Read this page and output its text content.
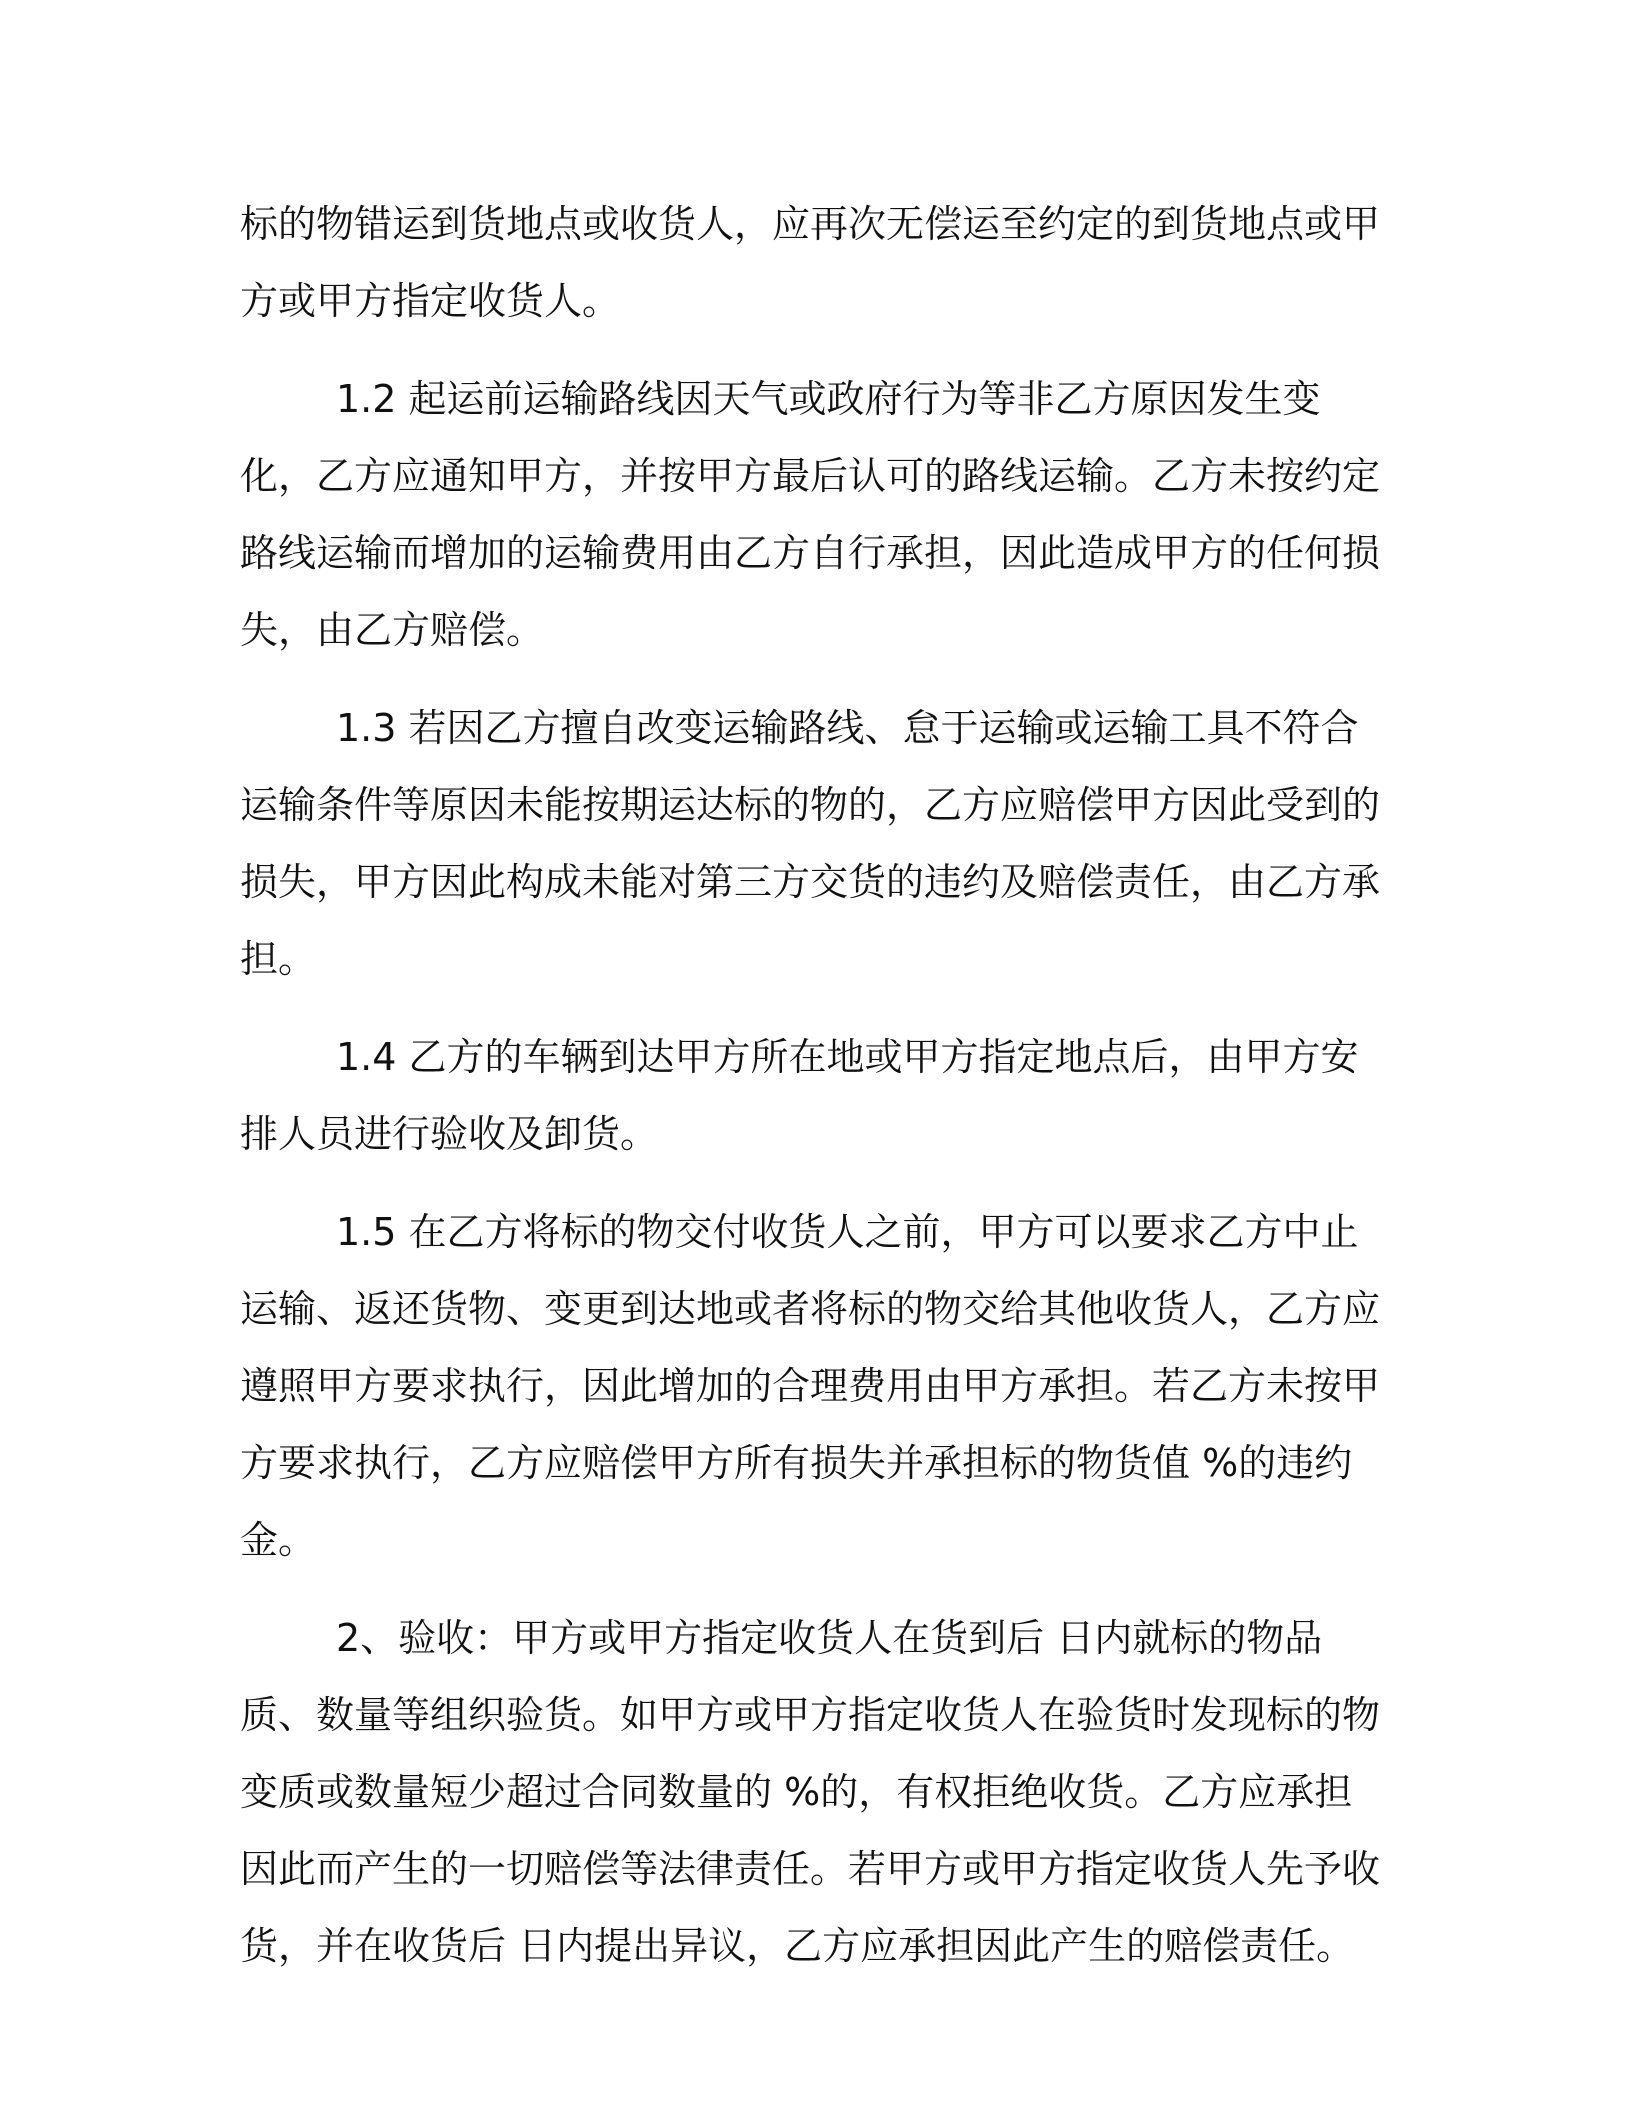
标的物错运到货地点或收货人，应再次无偿运至约定的到货地点或甲方或甲方指定收货人。

1.2 起运前运输路线因天气或政府行为等非乙方原因发生变化，乙方应通知甲方，并按甲方最后认可的路线运输。乙方未按约定路线运输而增加的运输费用由乙方自行承担，因此造成甲方的任何损失，由乙方赔偿。

1.3 若因乙方擅自改变运输路线、怠于运输或运输工具不符合运输条件等原因未能按期运达标的物的，乙方应赔偿甲方因此受到的损失，甲方因此构成未能对第三方交货的违约及赔偿责任，由乙方承担。

1.4 乙方的车辆到达甲方所在地或甲方指定地点后，由甲方安排人员进行验收及卸货。

1.5 在乙方将标的物交付收货人之前，甲方可以要求乙方中止运输、返还货物、变更到达地或者将标的物交给其他收货人，乙方应遵照甲方要求执行，因此增加的合理费用由甲方承担。若乙方未按甲方要求执行，乙方应赔偿甲方所有损失并承担标的物货值 %的违约金。

2、验收：甲方或甲方指定收货人在货到后 日内就标的物品质、数量等组织验货。如甲方或甲方指定收货人在验货时发现标的物变质或数量短少超过合同数量的 %的，有权拒绝收货。乙方应承担因此而产生的一切赔偿等法律责任。若甲方或甲方指定收货人先予收货，并在收货后 日内提出异议，乙方应承担因此产生的赔偿责任。
